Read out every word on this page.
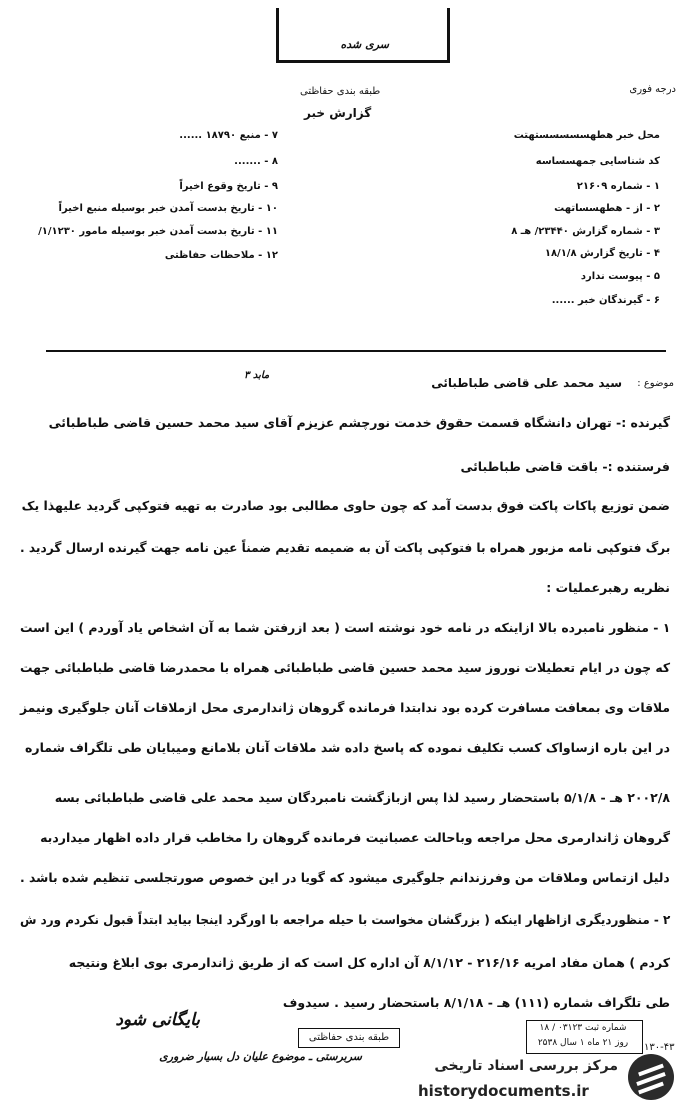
سری شده
درجه فوری
طبقه بندی حفاظتی
گزارش خبر
محل خبر هطهسسسسستهتت
کد شناسایی جمهسساسه
۱ - شماره ۲۱۶۰۹
۲ - از - هطهسساتهت
۳ - شماره گزارش ۲۳۴۴۰/ هـ ۸
۴ - تاریخ گزارش ۱۸/۱/۸
۵ - پیوست ندارد
۶ - گیرندگان خبر ......
۷ - منبع ۱۸۷۹۰ ......
۸ - .......
۹ - تاریخ وقوع اخیراً
۱۰ - تاریخ بدست آمدن خبر بوسیله منبع اخیراً
۱۱ - تاریخ بدست آمدن خبر بوسیله مامور ۱/۱۲۳۰/
۱۲ - ملاحظات حفاظتی
موضوع :
سید محمد علی قاضی طباطبائی
مابد ۳
گیرنده :- تهران دانشگاه قسمت حقوق خدمت نورچشم عزیزم آقای سید محمد حسین قاضی طباطبائی
فرستنده :- باقت قاضی طباطبائی
ضمن توزیع پاکات پاکت فوق بدست آمد که چون حاوی مطالبی بود صادرت به تهیه فتوکپی گردید علیهذا یک
برگ فتوکپی نامه مزبور همراه با فتوکپی پاکت آن به ضمیمه تقدیم ضمناً عین نامه جهت گیرنده ارسال گردید .
نظریه رهبرعملیات :
۱ - منظور نامبرده بالا ازاینکه در نامه خود نوشته است ( بعد ازرفتن شما به آن اشخاص یاد آوردم ) این است
که چون در ایام تعطیلات نوروز سید محمد حسین قاضی طباطبائی همراه با محمدرضا قاضی طباطبائی جهت
ملاقات وی بمعافت مسافرت کرده بود ندابتدا فرمانده گروهان ژاندارمری محل ازملاقات آنان جلوگیری ونیمز
در این باره ازساواک کسب تکلیف نموده که پاسخ داده شد ملاقات آنان بلامانع ومیبایان طی تلگراف شماره
۲۰۰۲/۸ هـ - ۵/۱/۸ باستحضار رسید لذا پس ازبازگشت نامبردگان سید محمد علی قاضی طباطبائی بسه
گروهان ژاندارمری محل مراجعه وباحالت عصبانیت فرمانده گروهان را مخاطب قرار داده اظهار میداردبه
دلیل ازتماس وملاقات من وفرزندانم جلوگیری میشود که گویا در این خصوص صورتجلسی تنظیم شده باشد .
۲ - منظوردیگری ازاظهار اینکه ( بزرگشان مخواست با حیله مراجعه با اورگرد اینجا بیاید ابتداً قبول نکردم ورد ش
کردم ) همان مفاد امریه ۲۱۶/۱۶ - ۸/۱/۱۲ آن اداره کل است که از طریق ژاندارمری بوی ابلاغ ونتیجه
طی تلگراف شماره (۱۱۱) هـ - ۸/۱/۱۸ باستحضار رسید . سیدوف
طبقه بندی حفاظتی
شماره ثبت ۰۳۱۲۳ / ۱۸
روز ۲۱ ماه ۱ سال ۲۵۳۸	۱۳۰-۴۳
بایگانی شود
سربرستی ـ موضوع علیان دل بسیار ضروری
مرکز بررسی اسناد تاریخی
historydocuments.ir
